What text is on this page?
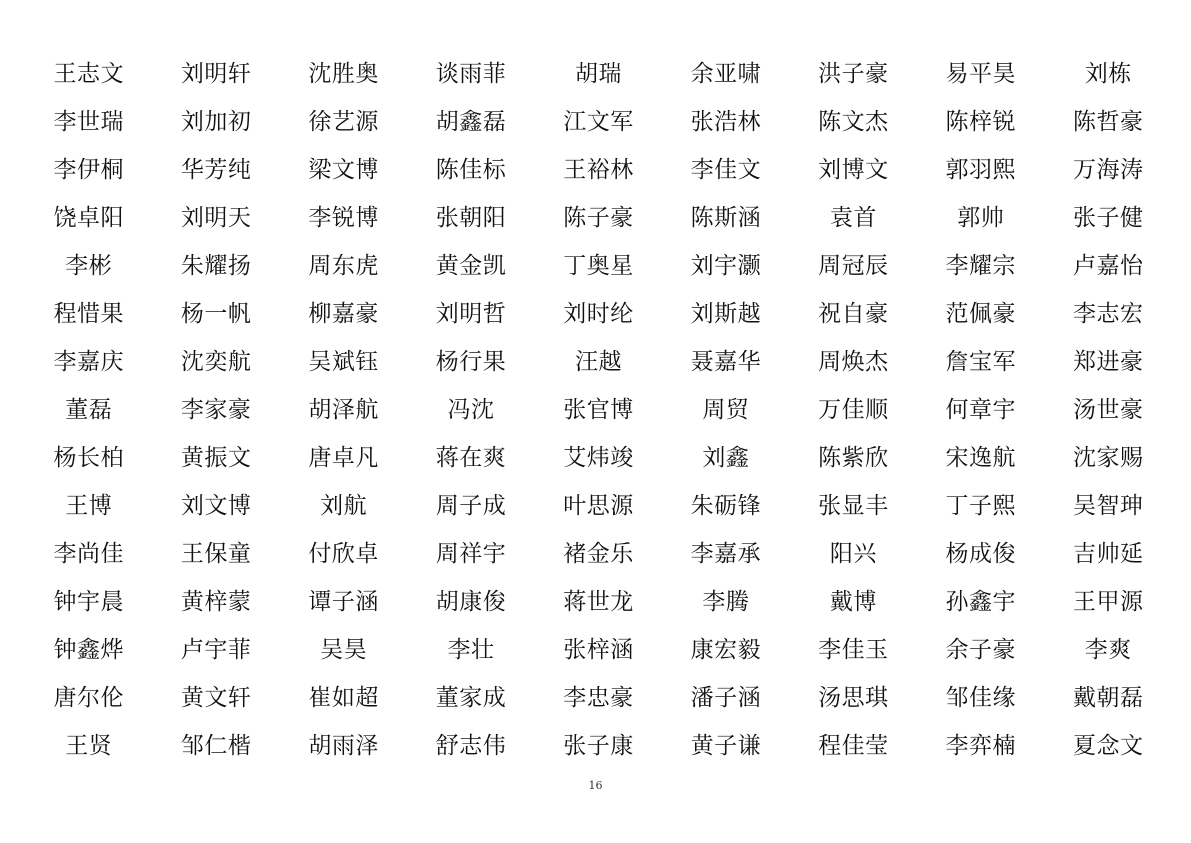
王志文	刘明轩	沈胜奥	谈雨菲	胡瑞	余亚啸	洪子豪	易平昊	刘栋
李世瑞	刘加初	徐艺源	胡鑫磊	江文军	张浩林	陈文杰	陈梓锐	陈哲豪
李伊桐	华芳纯	梁文博	陈佳标	王裕林	李佳文	刘博文	郭羽熙	万海涛
饶卓阳	刘明天	李锐博	张朝阳	陈子豪	陈斯涵	袁首	郭帅	张子健
李彬	朱耀扬	周东虎	黄金凯	丁奥星	刘宇灏	周冠辰	李耀宗	卢嘉怡
程惜果	杨一帆	柳嘉豪	刘明哲	刘时纶	刘斯越	祝自豪	范佩豪	李志宏
李嘉庆	沈奕航	吴斌钰	杨行果	汪越	聂嘉华	周焕杰	詹宝军	郑进豪
董磊	李家豪	胡泽航	冯沈	张官博	周贸	万佳顺	何章宇	汤世豪
杨长柏	黄振文	唐卓凡	蒋在爽	艾炜竣	刘鑫	陈紫欣	宋逸航	沈家赐
王博	刘文博	刘航	周子成	叶思源	朱砺锋	张显丰	丁子熙	吴智珅
李尚佳	王保童	付欣卓	周祥宇	褚金乐	李嘉承	阳兴	杨成俊	吉帅延
钟宇晨	黄梓蒙	谭子涵	胡康俊	蒋世龙	李腾	戴博	孙鑫宇	王甲源
钟鑫烨	卢宇菲	吴昊	李壮	张梓涵	康宏毅	李佳玉	余子豪	李爽
唐尔伦	黄文轩	崔如超	董家成	李忠豪	潘子涵	汤思琪	邹佳缘	戴朝磊
王贤	邹仁楷	胡雨泽	舒志伟	张子康	黄子谦	程佳莹	李弈楠	夏念文
16
